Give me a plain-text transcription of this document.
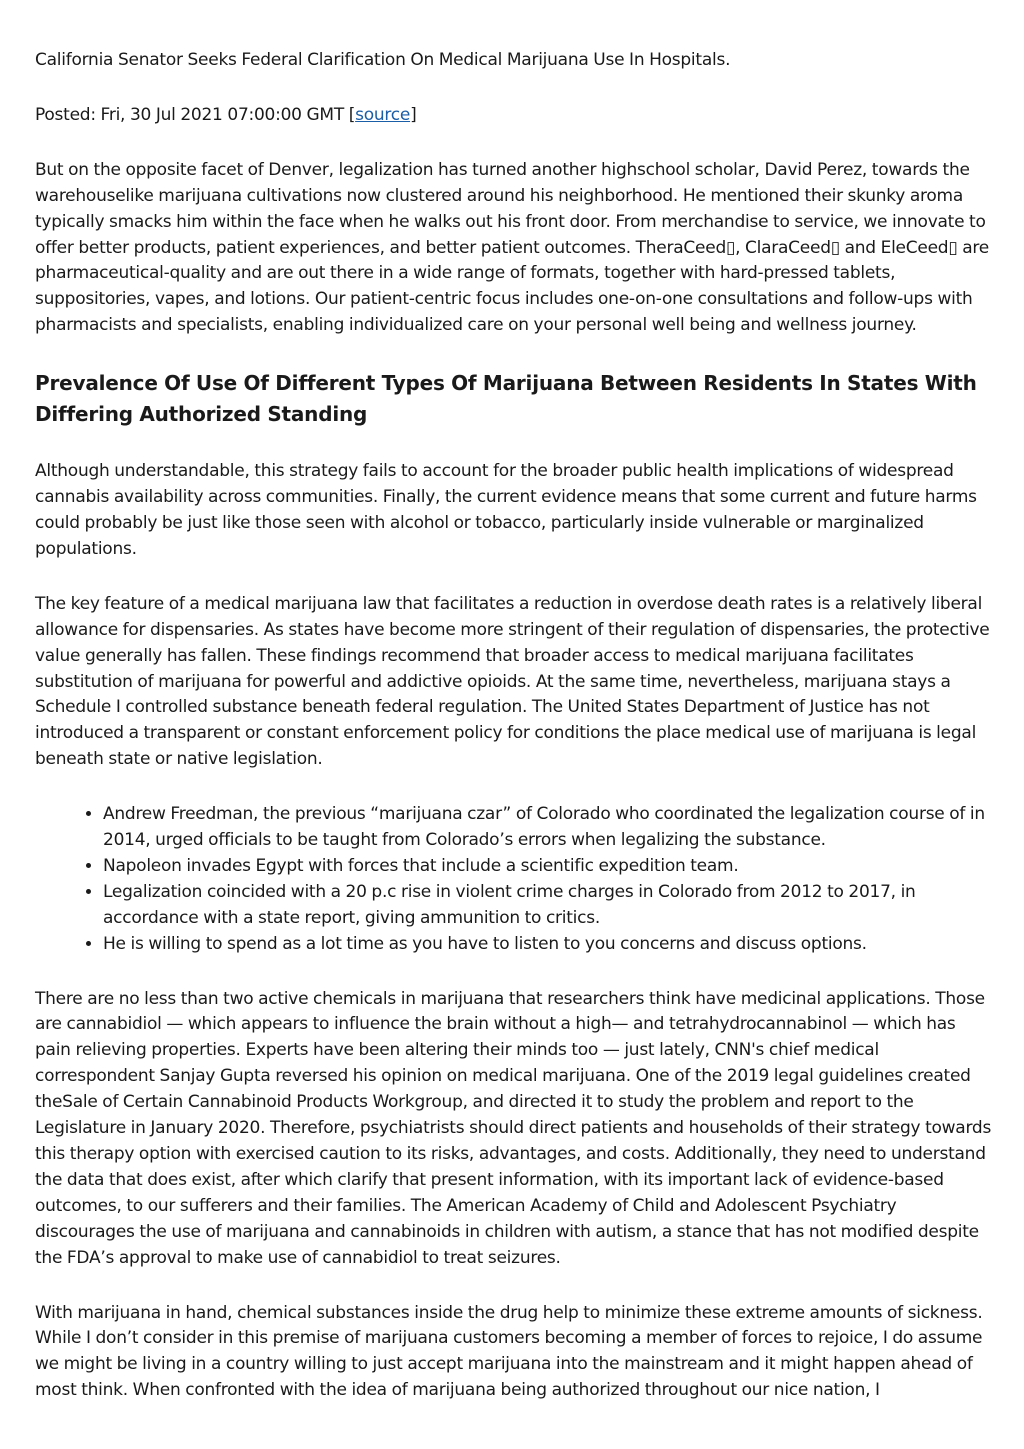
California Senator Seeks Federal Clarification On Medical Marijuana Use In Hospitals.

Posted: Fri, 30 Jul 2021 07:00:00 GMT [source]

But on the opposite facet of Denver, legalization has turned another highschool scholar, David Perez, towards the warehouselike marijuana cultivations now clustered around his neighborhood. He mentioned their skunky aroma typically smacks him within the face when he walks out his front door. From merchandise to service, we innovate to offer better products, patient experiences, and better patient outcomes. TheraCeed▯, ClaraCeed▯ and EleCeed▯ are pharmaceutical-quality and are out there in a wide range of formats, together with hard-pressed tablets, suppositories, vapes, and lotions. Our patient-centric focus includes one-on-one consultations and follow-ups with pharmacists and specialists, enabling individualized care on your personal well being and wellness journey.

Prevalence Of Use Of Different Types Of Marijuana Between Residents In States With Differing Authorized Standing

Although understandable, this strategy fails to account for the broader public health implications of widespread cannabis availability across communities. Finally, the current evidence means that some current and future harms could probably be just like those seen with alcohol or tobacco, particularly inside vulnerable or marginalized populations.

The key feature of a medical marijuana law that facilitates a reduction in overdose death rates is a relatively liberal allowance for dispensaries. As states have become more stringent of their regulation of dispensaries, the protective value generally has fallen. These findings recommend that broader access to medical marijuana facilitates substitution of marijuana for powerful and addictive opioids. At the same time, nevertheless, marijuana stays a Schedule I controlled substance beneath federal regulation. The United States Department of Justice has not introduced a transparent or constant enforcement policy for conditions the place medical use of marijuana is legal beneath state or native legislation.

• Andrew Freedman, the previous “marijuana czar” of Colorado who coordinated the legalization course of in 2014, urged officials to be taught from Colorado’s errors when legalizing the substance.
• Napoleon invades Egypt with forces that include a scientific expedition team.
• Legalization coincided with a 20 p.c rise in violent crime charges in Colorado from 2012 to 2017, in accordance with a state report, giving ammunition to critics.
• He is willing to spend as a lot time as you have to listen to you concerns and discuss options.

There are no less than two active chemicals in marijuana that researchers think have medicinal applications. Those are cannabidiol — which appears to influence the brain without a high— and tetrahydrocannabinol — which has pain relieving properties. Experts have been altering their minds too — just lately, CNN's chief medical correspondent Sanjay Gupta reversed his opinion on medical marijuana. One of the 2019 legal guidelines created theSale of Certain Cannabinoid Products Workgroup, and directed it to study the problem and report to the Legislature in January 2020. Therefore, psychiatrists should direct patients and households of their strategy towards this therapy option with exercised caution to its risks, advantages, and costs. Additionally, they need to understand the data that does exist, after which clarify that present information, with its important lack of evidence-based outcomes, to our sufferers and their families. The American Academy of Child and Adolescent Psychiatry discourages the use of marijuana and cannabinoids in children with autism, a stance that has not modified despite the FDA’s approval to make use of cannabidiol to treat seizures.

With marijuana in hand, chemical substances inside the drug help to minimize these extreme amounts of sickness. While I don’t consider in this premise of marijuana customers becoming a member of forces to rejoice, I do assume we might be living in a country willing to just accept marijuana into the mainstream and it might happen ahead of most think. When confronted with the idea of marijuana being authorized throughout our nice nation, I
